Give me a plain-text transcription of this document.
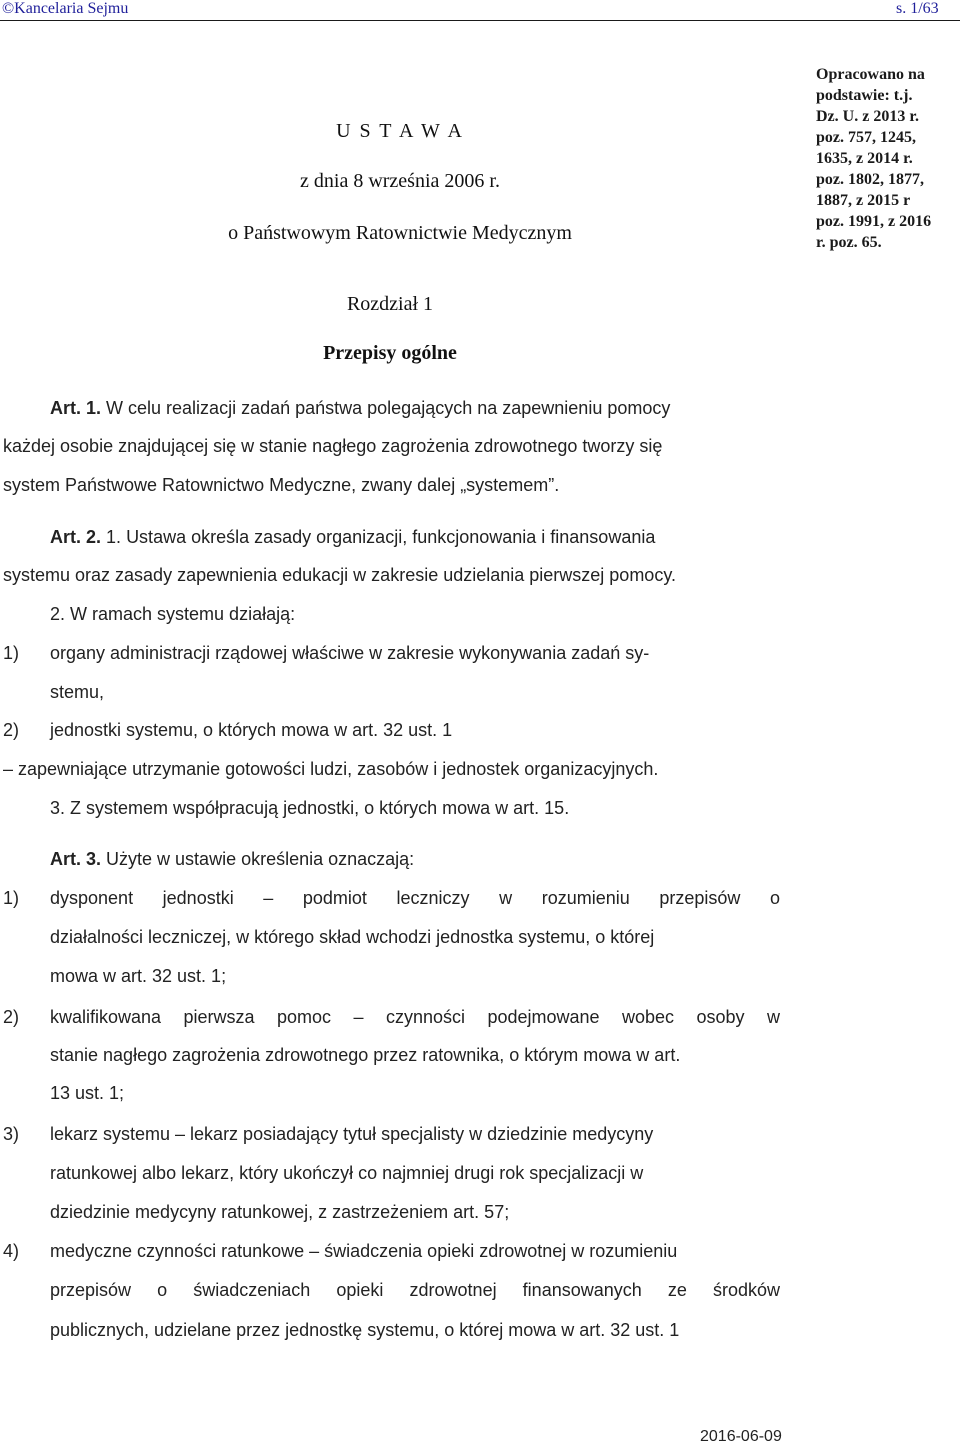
©Kancelaria Sejmu	s. 1/63
U S T A W A
z dnia 8 września 2006 r.
o Państwowym Ratownictwie Medycznym

Opracowano na

podstawie: t.j.

Dz. U. z 2013 r.

poz. 757, 1245,

1635, z 2014 r.

poz. 1802, 1877,

1887, z 2015 r

poz. 1991, z 2016

r. poz. 65.

Rozdział 1
Przepisy ogólne
Art. 1. W celu realizacji zadań państwa polegających na zapewnieniu pomocy
każdej osobie znajdującej się w stanie nagłego zagrożenia zdrowotnego tworzy się
system Państwowe Ratownictwo Medyczne, zwany dalej „systemem”.
Art. 2. 1. Ustawa określa zasady organizacji, funkcjonowania i finansowania
systemu oraz zasady zapewnienia edukacji w zakresie udzielania pierwszej pomocy.
2. W ramach systemu działają:
1) organy administracji rządowej właściwe w zakresie wykonywania zadań sy-
stemu,
2) jednostki systemu, o których mowa w art. 32 ust. 1
– zapewniające utrzymanie gotowości ludzi, zasobów i jednostek organizacyjnych.
3. Z systemem współpracują jednostki, o których mowa w art. 15.
Art. 3. Użyte w ustawie określenia oznaczają:
1) dysponent jednostki – podmiot leczniczy w rozumieniu przepisów o
działalności leczniczej, w którego skład wchodzi jednostka systemu, o której
mowa w art. 32 ust. 1;
2) kwalifikowana pierwsza pomoc – czynności podejmowane wobec osoby w
stanie nagłego zagrożenia zdrowotnego przez ratownika, o którym mowa w art.
13 ust. 1;
3) lekarz systemu – lekarz posiadający tytuł specjalisty w dziedzinie medycyny
ratunkowej albo lekarz, który ukończył co najmniej drugi rok specjalizacji w
dziedzinie medycyny ratunkowej, z zastrzeżeniem art. 57;
4) medyczne czynności ratunkowe – świadczenia opieki zdrowotnej w rozumieniu
przepisów o świadczeniach opieki zdrowotnej finansowanych ze środków
publicznych, udzielane przez jednostkę systemu, o której mowa w art. 32 ust. 1
2016-06-09
